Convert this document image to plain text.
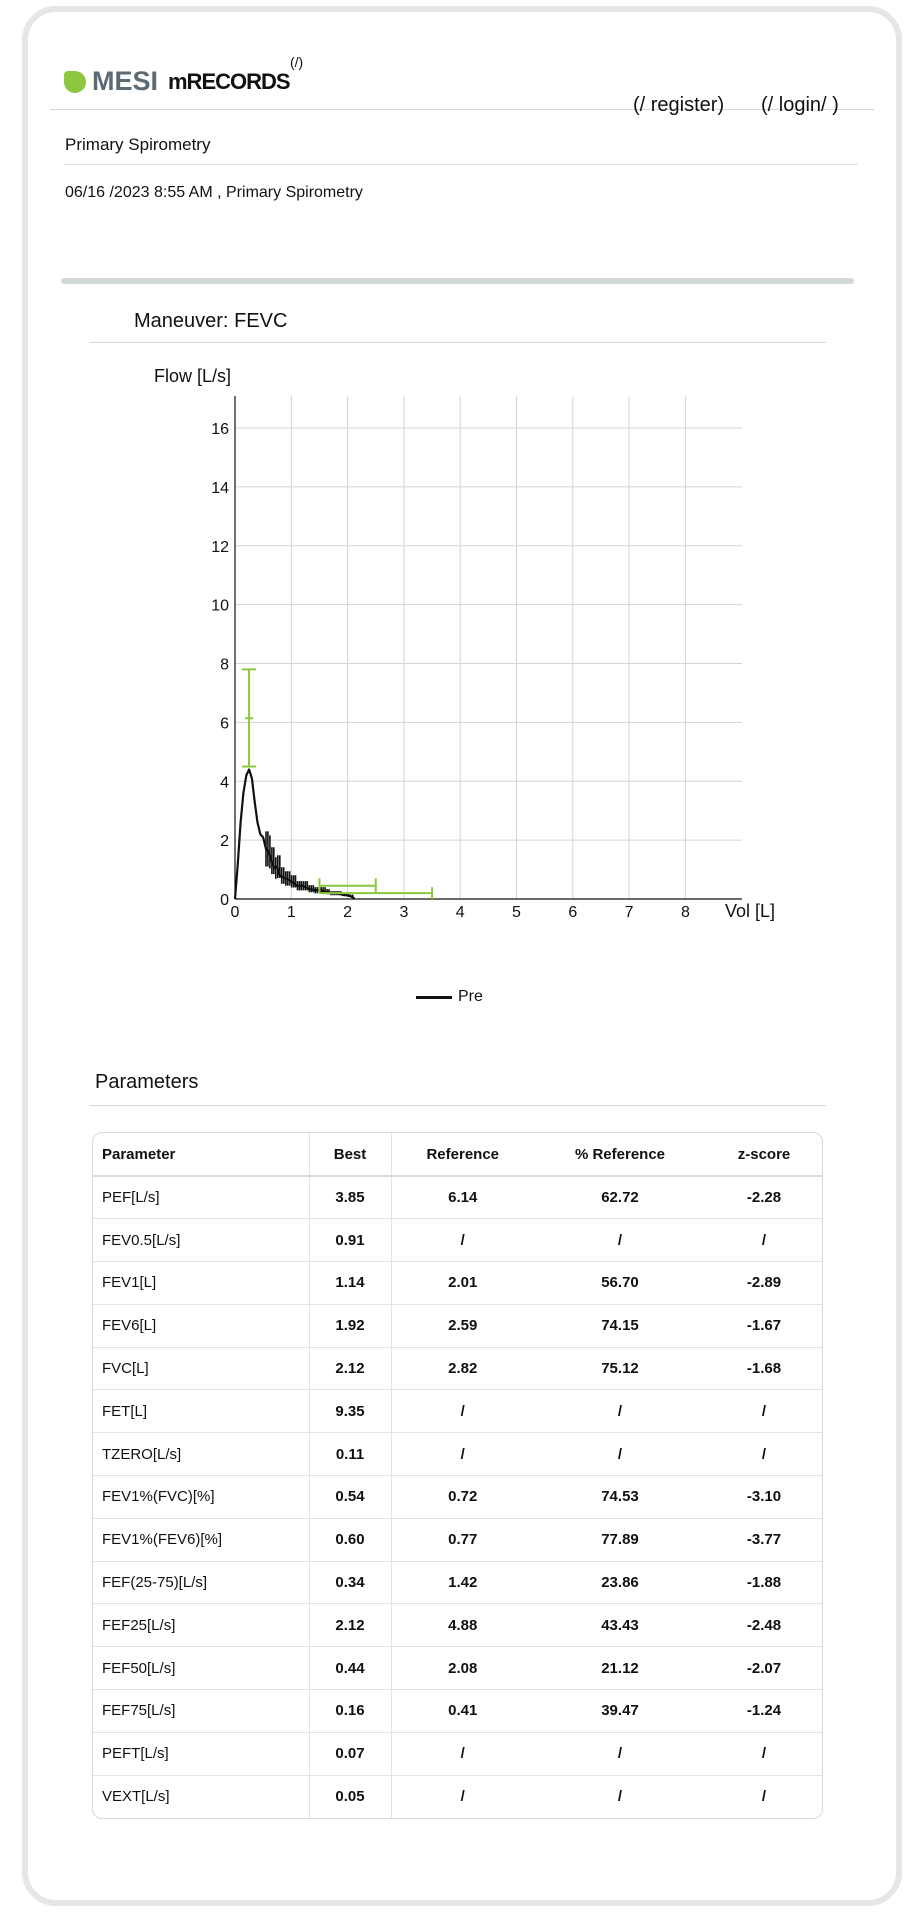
MESI mRECORDS
(/)
(/ register) (/ login/ )
Primary Spirometry
06/16 /2023 8:55 AM , Primary Spirometry
Maneuver: FEVC
0
2
4
6
8
10
12
14
16
0	1	2	3	4	5	6	7	8
Flow [L/s]
Vol [L]
Pre
Parameters
Parameter	Best	Reference	% Reference	z-score
PEF[L/s]	3.85	6.14	62.72	-2.28
FEV0.5[L/s]	0.91	/	/	/
FEV1[L]	1.14	2.01	56.70	-2.89
FEV6[L]	1.92	2.59	74.15	-1.67
FVC[L]	2.12	2.82	75.12	-1.68
FET[L]	9.35	/	/	/
TZERO[L/s]	0.11	/	/	/
FEV1%(FVC)[%]	0.54	0.72	74.53	-3.10
FEV1%(FEV6)[%]	0.60	0.77	77.89	-3.77
FEF(25-75)[L/s]	0.34	1.42	23.86	-1.88
FEF25[L/s]	2.12	4.88	43.43	-2.48
FEF50[L/s]	0.44	2.08	21.12	-2.07
FEF75[L/s]	0.16	0.41	39.47	-1.24
PEFT[L/s]	0.07	/	/	/
VEXT[L/s]	0.05	/	/	/
